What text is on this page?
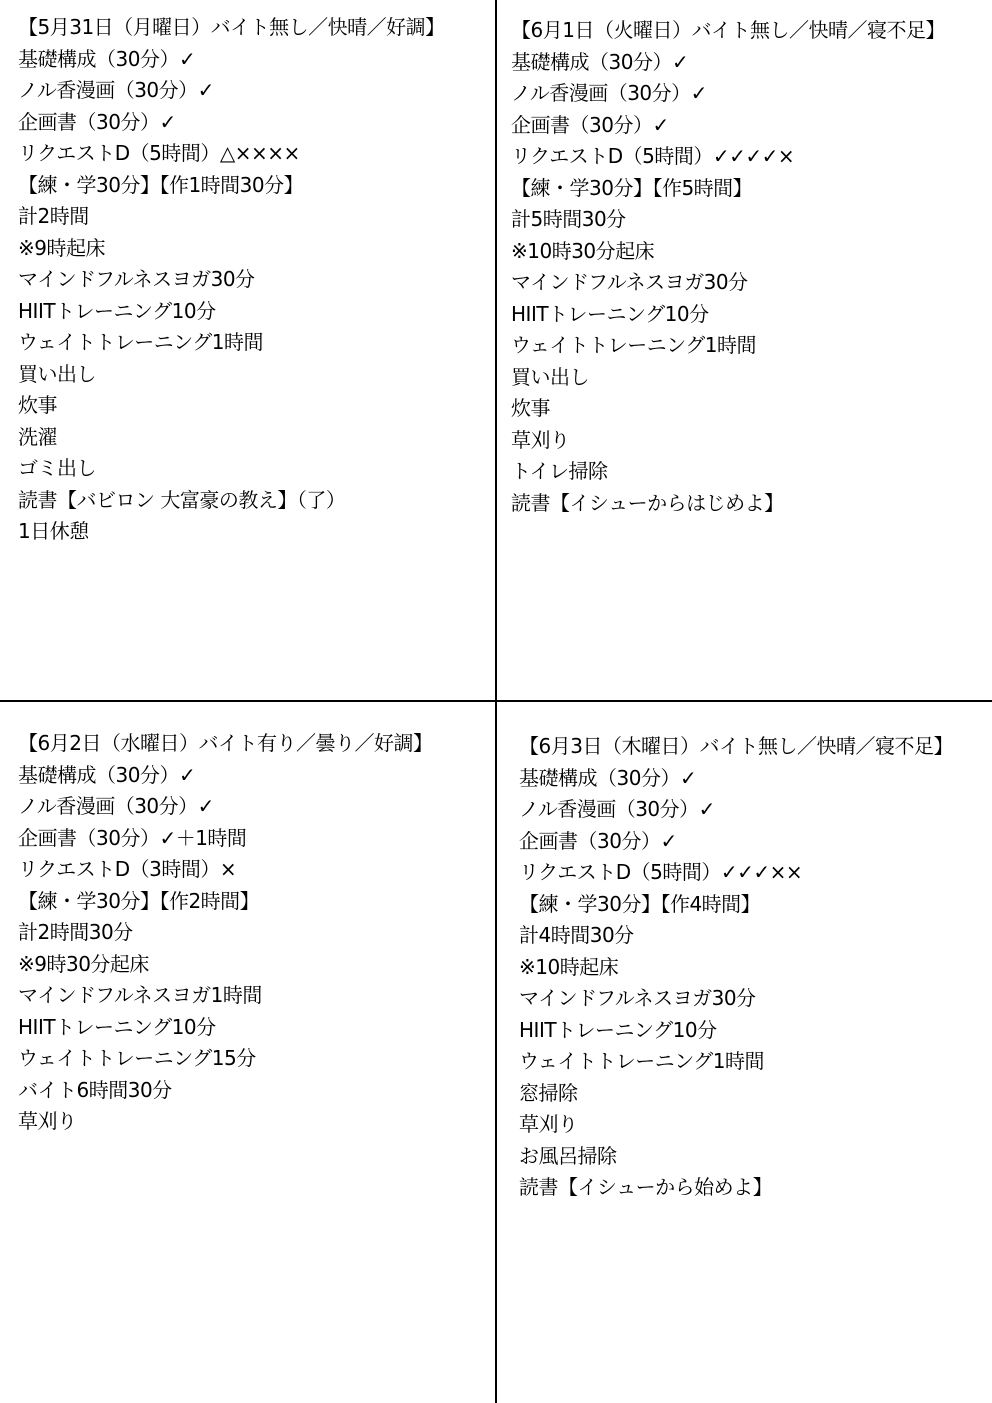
【5月31日（月曜日）バイト無し／快晴／好調】
基礎構成（30分）✓
ノル香漫画（30分）✓
企画書（30分）✓
リクエストD（5時間）△××××
【練・学30分】【作1時間30分】
計2時間
※9時起床
マインドフルネスヨガ30分
HIITトレーニング10分
ウェイトトレーニング1時間
買い出し
炊事
洗濯
ゴミ出し
読書【バビロン 大富豪の教え】（了）
1日休憩
【6月1日（火曜日）バイト無し／快晴／寝不足】
基礎構成（30分）✓
ノル香漫画（30分）✓
企画書（30分）✓
リクエストD（5時間）✓✓✓✓×
【練・学30分】【作5時間】
計5時間30分
※10時30分起床
マインドフルネスヨガ30分
HIITトレーニング10分
ウェイトトレーニング1時間
買い出し
炊事
草刈り
トイレ掃除
読書【イシューからはじめよ】
【6月2日（水曜日）バイト有り／曇り／好調】
基礎構成（30分）✓
ノル香漫画（30分）✓
企画書（30分）✓＋1時間
リクエストD（3時間）×
【練・学30分】【作2時間】
計2時間30分
※9時30分起床
マインドフルネスヨガ1時間
HIITトレーニング10分
ウェイトトレーニング15分
バイト6時間30分
草刈り
【6月3日（木曜日）バイト無し／快晴／寝不足】
基礎構成（30分）✓
ノル香漫画（30分）✓
企画書（30分）✓
リクエストD（5時間）✓✓✓××
【練・学30分】【作4時間】
計4時間30分
※10時起床
マインドフルネスヨガ30分
HIITトレーニング10分
ウェイトトレーニング1時間
窓掃除
草刈り
お風呂掃除
読書【イシューから始めよ】
